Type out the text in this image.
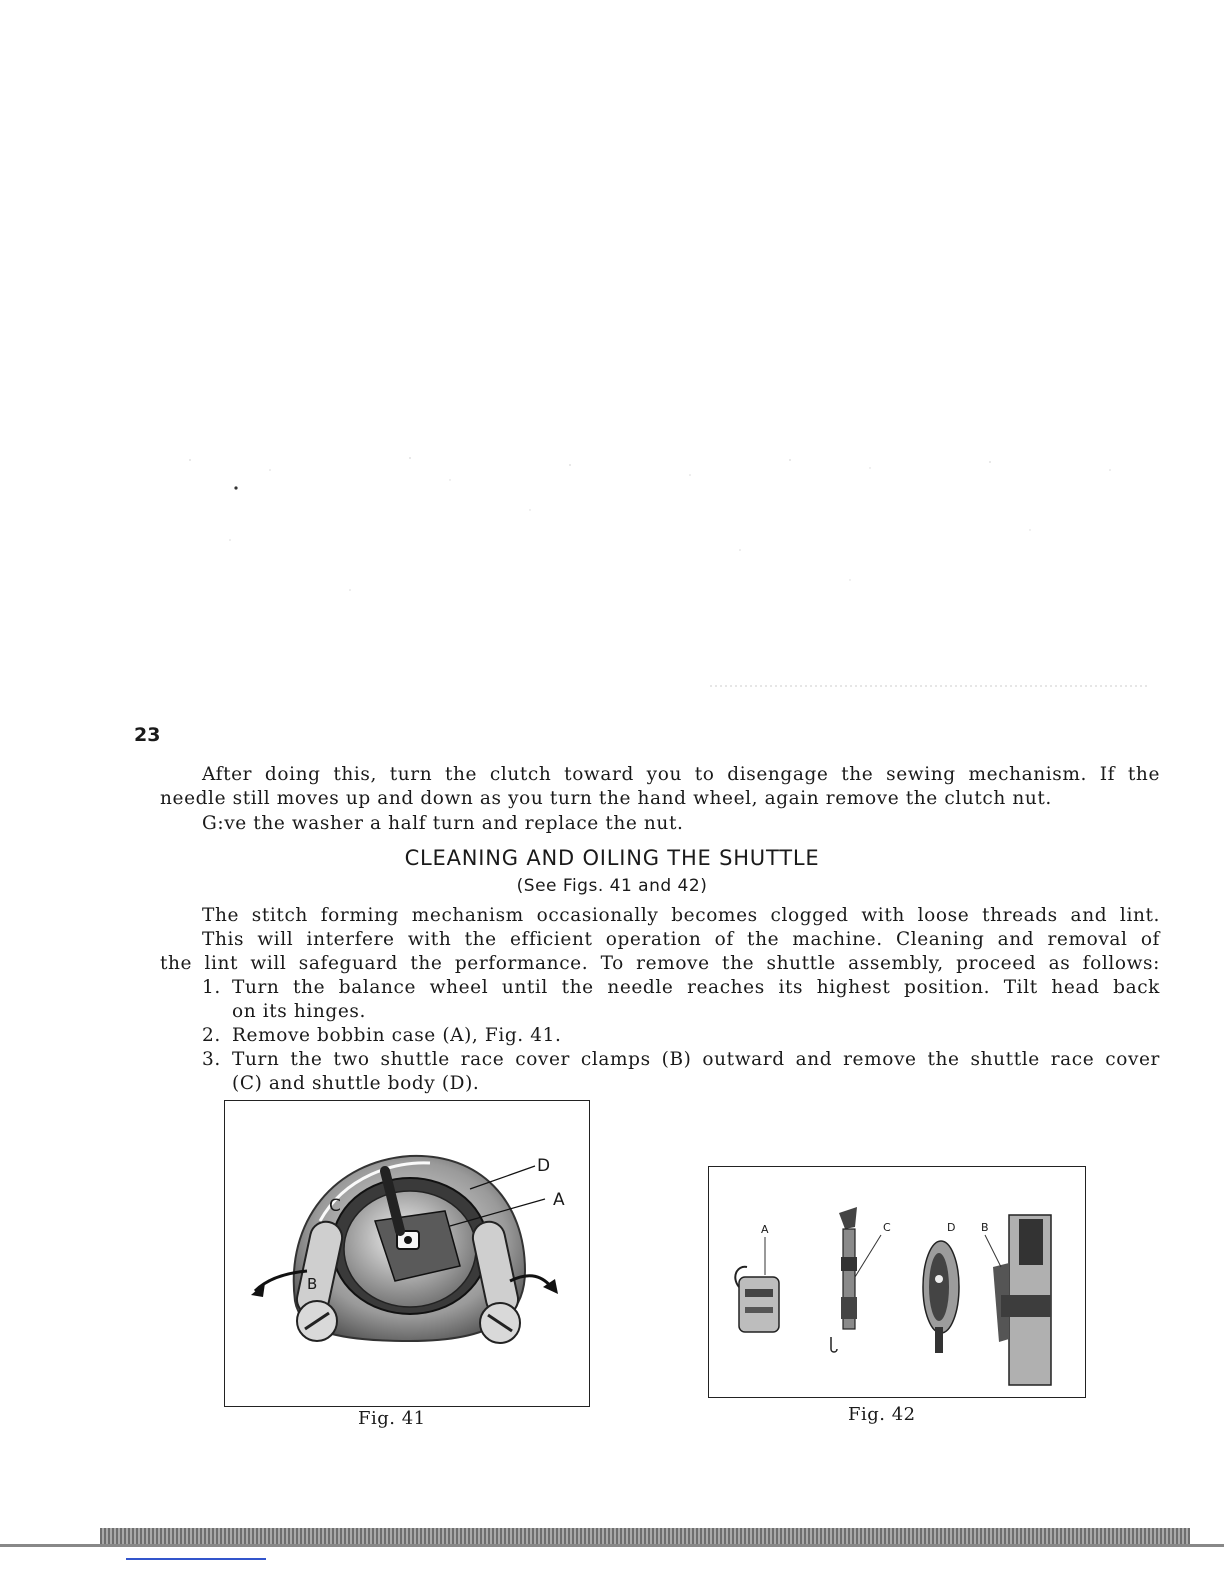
23
After doing this, turn the clutch toward you to disengage the sewing mechanism. If the
needle still moves up and down as you turn the hand wheel, again remove the clutch nut.
G:ve the washer a half turn and replace the nut.
CLEANING AND OILING THE SHUTTLE
(See Figs. 41 and 42)
The stitch forming mechanism occasionally becomes clogged with loose threads and lint.
This will interfere with the efficient operation of the machine. Cleaning and removal of
the lint will safeguard the performance. To remove the shuttle assembly, proceed as follows:
1. Turn the balance wheel until the needle reaches its highest position. Tilt head back
on its hinges.
2. Remove bobbin case (A), Fig. 41.
3. Turn the two shuttle race cover clamps (B) outward and remove the shuttle race cover
(C) and shuttle body (D).
D
A
C
B
Fig. 41
A	C	D B
Fig. 42
